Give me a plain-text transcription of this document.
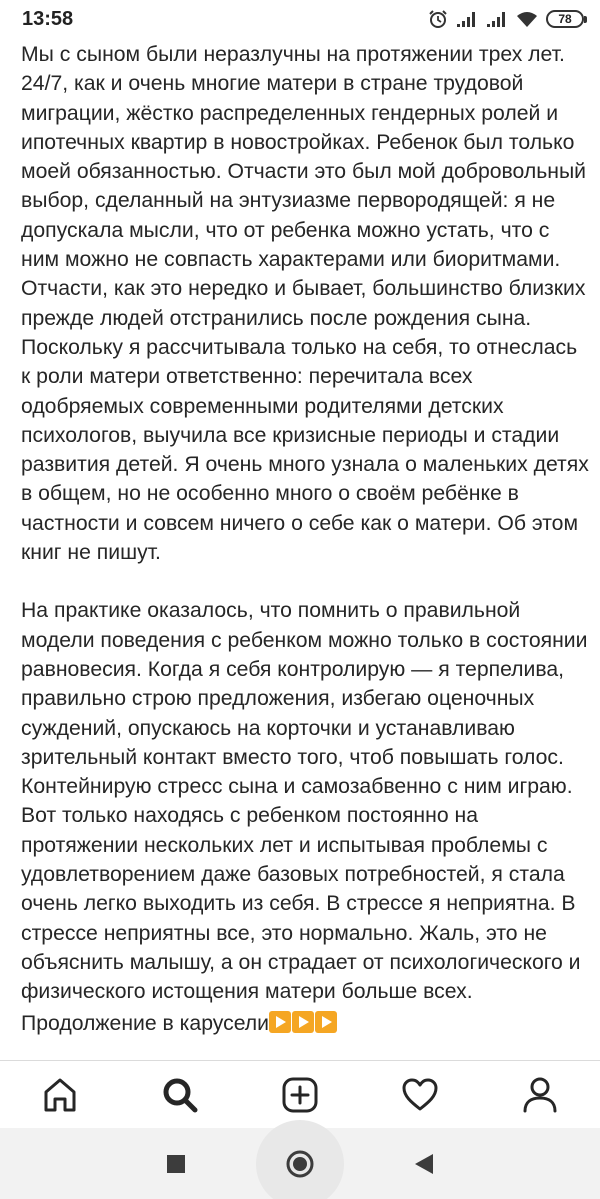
13:58	78

Мы с сыном были неразлучны на протяжении трех лет. 24/7, как и очень многие матери в стране трудовой миграции, жёстко распределенных гендерных ролей и ипотечных квартир в новостройках. Ребенок был только моей обязанностью. Отчасти это был мой добровольный выбор, сделанный на энтузиазме первородящей: я не допускала мысли, что от ребенка можно устать, что с ним можно не совпасть характерами или биоритмами. Отчасти, как это нередко и бывает, большинство близких прежде людей отстранились после рождения сына. Поскольку я рассчитывала только на себя, то отнеслась к роли матери ответственно: перечитала всех одобряемых современными родителями детских психологов, выучила все кризисные периоды и стадии развития детей. Я очень много узнала о маленьких детях в общем, но не особенно много о своём ребёнке в частности и совсем ничего о себе как о матери. Об этом книг не пишут.

На практике оказалось, что помнить о правильной модели поведения с ребенком можно только в состоянии равновесия. Когда я себя контролирую — я терпелива, правильно строю предложения, избегаю оценочных суждений, опускаюсь на корточки и устанавливаю зрительный контакт вместо того, чтоб повышать голос. Контейнирую стресс сына и самозабвенно с ним играю. Вот только находясь с ребенком постоянно на протяжении нескольких лет и испытывая проблемы с удовлетворением даже базовых потребностей, я стала очень легко выходить из себя. В стрессе я неприятна. В стрессе неприятны все, это нормально. Жаль, это не объяснить малышу, а он страдает от психологического и физического истощения матери больше всех.

Продолжение в карусели
